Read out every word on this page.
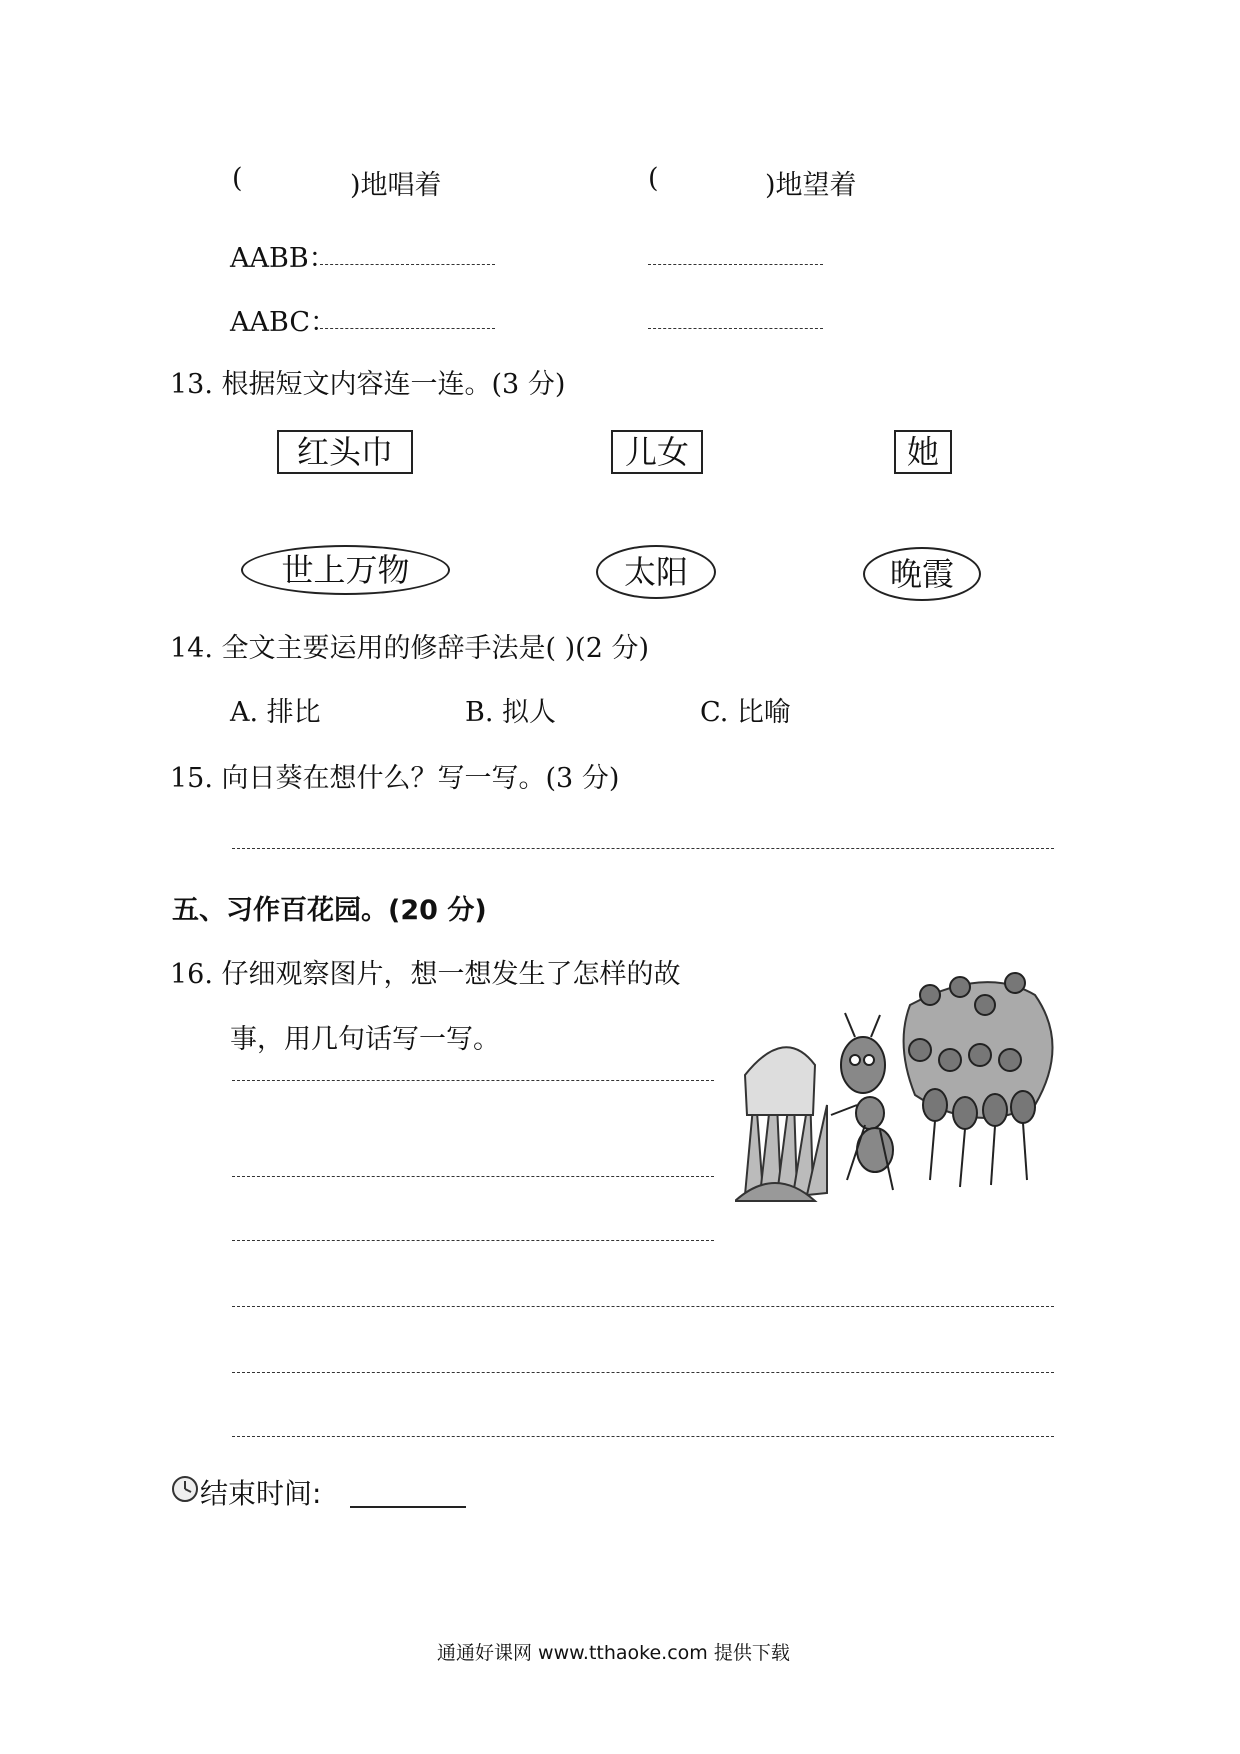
(	)地唱着	(	)地望着
AABB：
AABC：
13. 根据短文内容连一连。(3 分)
红头巾	儿女	她
世上万物	太阳	晚霞
14. 全文主要运用的修辞手法是( )(2 分)
A. 排比	B. 拟人	C. 比喻
15. 向日葵在想什么？写一写。(3 分)
五、习作百花园。(20 分)
16. 仔细观察图片，想一想发生了怎样的故
事，用几句话写一写。
结束时间:
通通好课网 www.tthaoke.com 提供下载
